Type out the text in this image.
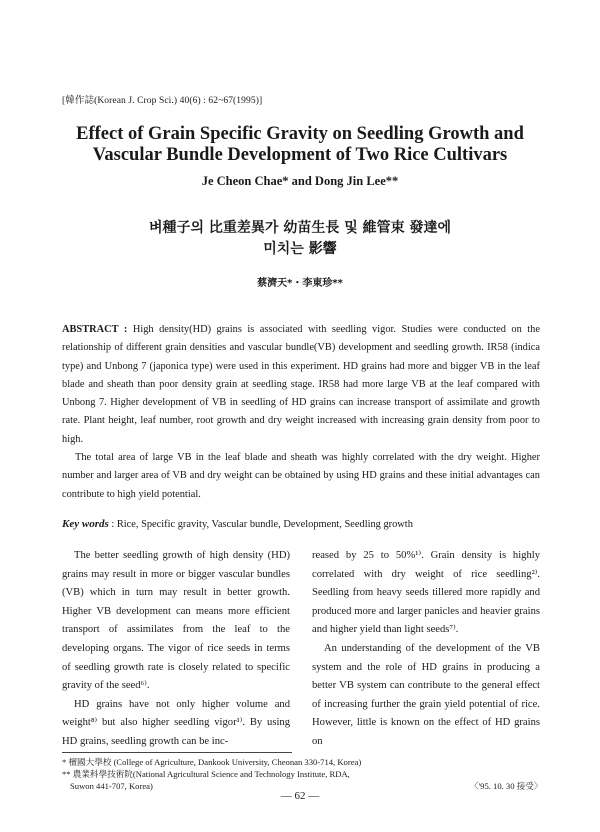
[韓作誌(Korean J. Crop Sci.) 40(6) : 62~67(1995)]
Effect of Grain Specific Gravity on Seedling Growth and
Vascular Bundle Development of Two Rice Cultivars
Je Cheon Chae* and Dong Jin Lee**
벼種子의 比重差異가 幼苗生長 및 維管束 發達에
미치는 影響
蔡濟天*・李東珍**

ABSTRACT : High density(HD) grains is associated with seedling vigor. Studies were conducted on the relationship of different grain densities and vascular bundle(VB) development and seedling growth. IR58 (indica type) and Unbong 7 (japonica type) were used in this experiment. HD grains had more and bigger VB in the leaf blade and sheath than poor density grain at seedling stage. IR58 had more large VB at the leaf compared with Unbong 7. Higher development of VB in seedling of HD grains can increase transport of assimilate and growth rate. Plant height, leaf number, root growth and dry weight increased with increasing grain density from poor to high.

The total area of large VB in the leaf blade and sheath was highly correlated with the dry weight. Higher number and larger area of VB and dry weight can be obtained by using HD grains and these initial advantages can contribute to high yield potential.

Key words : Rice, Specific gravity, Vascular bundle, Development, Seedling growth

The better seedling growth of high density (HD) grains may result in more or bigger vascular bundles (VB) which in turn may result in better growth. Higher VB development can means more efficient transport of assimilates from the leaf to the developing organs. The vigor of rice seeds in terms of seedling growth rate is closely related to specific gravity of the seed⁶⁾.

HD grains have not only higher volume and weight⁸⁾ but also higher seedling vigor¹⁾. By using HD grains, seedling growth can be inc-

reased by 25 to 50%¹⁾. Grain density is highly correlated with dry weight of rice seedling²⁾. Seedling from heavy seeds tillered more rapidly and produced more and larger panicles and heavier grains and higher yield than light seeds⁷⁾.

An understanding of the development of the VB system and the role of HD grains in producing a better VB system can contribute to the general effect of increasing further the grain yield potential of rice. However, little is known on the effect of HD grains on

* 檀國大學校 (College of Agriculture, Dankook University, Cheonan 330-714, Korea)
** 農業科學技術院(National Agricultural Science and Technology Institute, RDA,
Suwon 441-707, Korea)	〈'95. 10. 30 接受〉
— 62 —
